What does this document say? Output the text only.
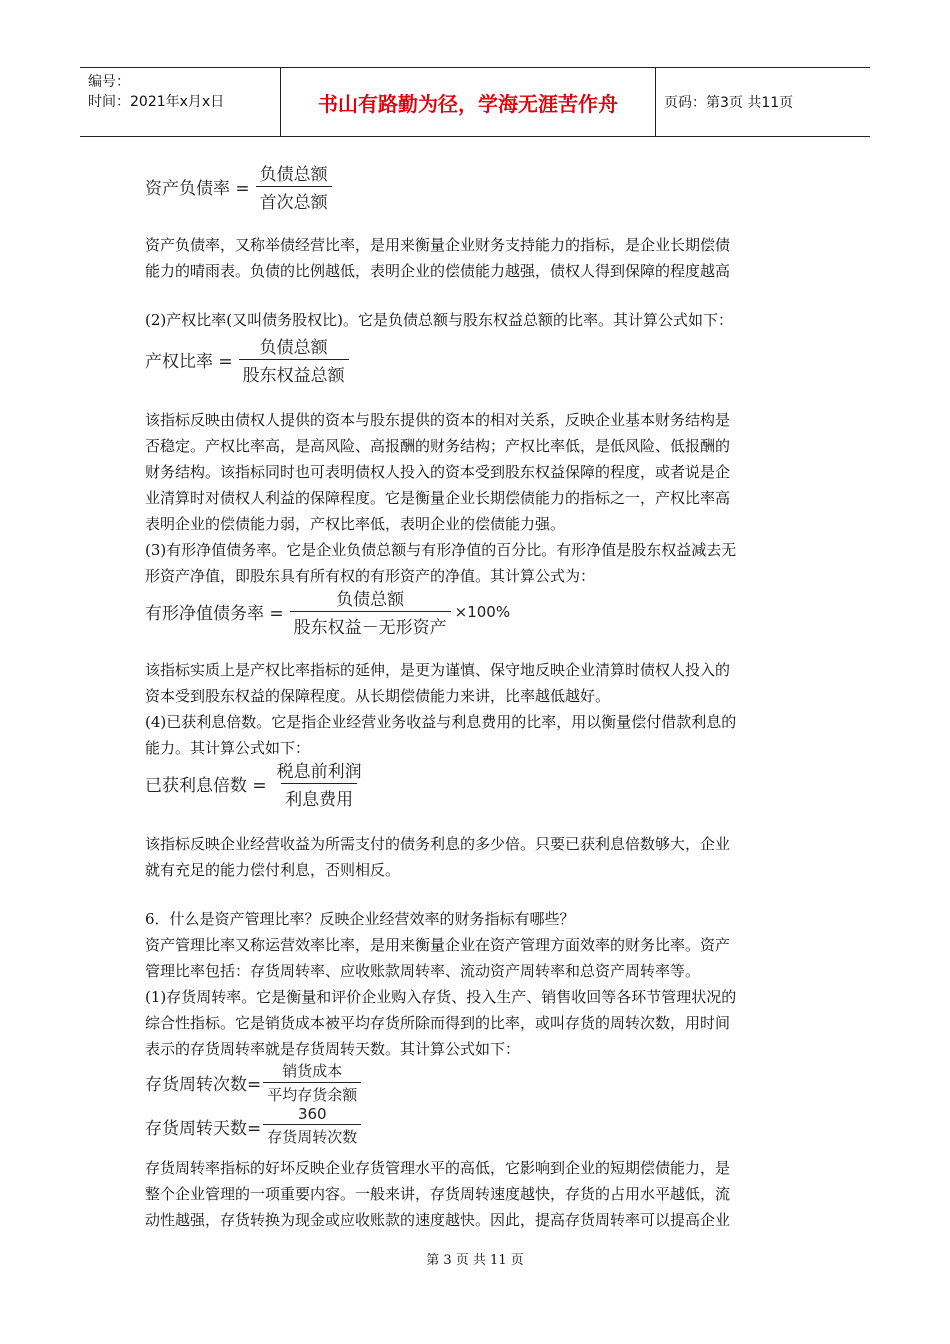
编号：
时间：2021年x月x日	书山有路勤为径，学海无涯苦作舟	页码：第3页 共11页
资产负债率 = $\frac{\text{负债总额}}{\text{首次总额}}$
资产负债率，又称举债经营比率，是用来衡量企业财务支持能力的指标，是企业长期偿债
能力的晴雨表。负债的比例越低，表明企业的偿债能力越强，债权人得到保障的程度越高
(2)产权比率(又叫债务股权比)。它是负债总额与股东权益总额的比率。其计算公式如下：
产权比率 = $\frac{\text{负债总额}}{\text{股东权益总额}}$
该指标反映由债权人提供的资本与股东提供的资本的相对关系，反映企业基本财务结构是
否稳定。产权比率高，是高风险、高报酬的财务结构；产权比率低，是低风险、低报酬的
财务结构。该指标同时也可表明债权人投入的资本受到股东权益保障的程度，或者说是企
业清算时对债权人利益的保障程度。它是衡量企业长期偿债能力的指标之一，产权比率高
表明企业的偿债能力弱，产权比率低，表明企业的偿债能力强。
(3)有形净值债务率。它是企业负债总额与有形净值的百分比。有形净值是股东权益减去无
形资产净值，即股东具有所有权的有形资产的净值。其计算公式为：
有形净值债务率 = $\frac{\text{负债总额}}{\text{股东权益－无形资产}} \times 100\%$
该指标实质上是产权比率指标的延伸，是更为谨慎、保守地反映企业清算时债权人投入的
资本受到股东权益的保障程度。从长期偿债能力来讲，比率越低越好。
(4)已获利息倍数。它是指企业经营业务收益与利息费用的比率，用以衡量偿付借款利息的
能力。其计算公式如下：
已获利息倍数 = $\frac{\text{税息前利润}}{\text{利息费用}}$
该指标反映企业经营收益为所需支付的债务利息的多少倍。只要已获利息倍数够大，企业
就有充足的能力偿付利息，否则相反。
6．什么是资产管理比率？反映企业经营效率的财务指标有哪些？
资产管理比率又称运营效率比率，是用来衡量企业在资产管理方面效率的财务比率。资产
管理比率包括：存货周转率、应收账款周转率、流动资产周转率和总资产周转率等。
(1)存货周转率。它是衡量和评价企业购入存货、投入生产、销售收回等各环节管理状况的
综合性指标。它是销货成本被平均存货所除而得到的比率，或叫存货的周转次数，用时间
表示的存货周转率就是存货周转天数。其计算公式如下：
存货周转次数= $\frac{\text{销货成本}}{\text{平均存货余额}}$
存货周转天数= $\frac{360}{\text{存货周转次数}}$
存货周转率指标的好坏反映企业存货管理水平的高低，它影响到企业的短期偿债能力，是
整个企业管理的一项重要内容。一般来讲，存货周转速度越快，存货的占用水平越低，流
动性越强，存货转换为现金或应收账款的速度越快。因此，提高存货周转率可以提高企业
第 3 页 共 11 页
